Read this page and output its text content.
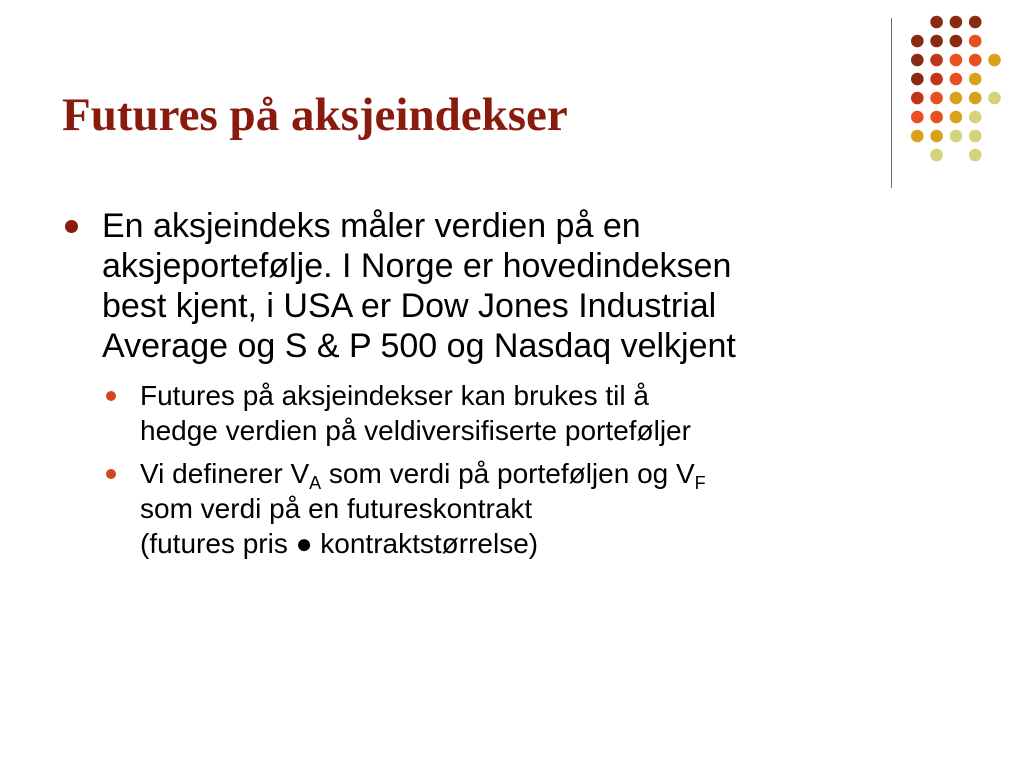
Futures på aksjeindekser
En aksjeindeks måler verdien på en
aksjeportefølje. I Norge er hovedindeksen
best kjent, i USA er Dow Jones Industrial
Average og S & P 500 og Nasdaq velkjent
Futures på aksjeindekser kan brukes til å
hedge verdien på veldiversifiserte porteføljer
Vi definerer $V_A$ som verdi på porteføljen og $V_F$
som verdi på en futureskontrakt
(futures pris ● kontraktstørrelse)
